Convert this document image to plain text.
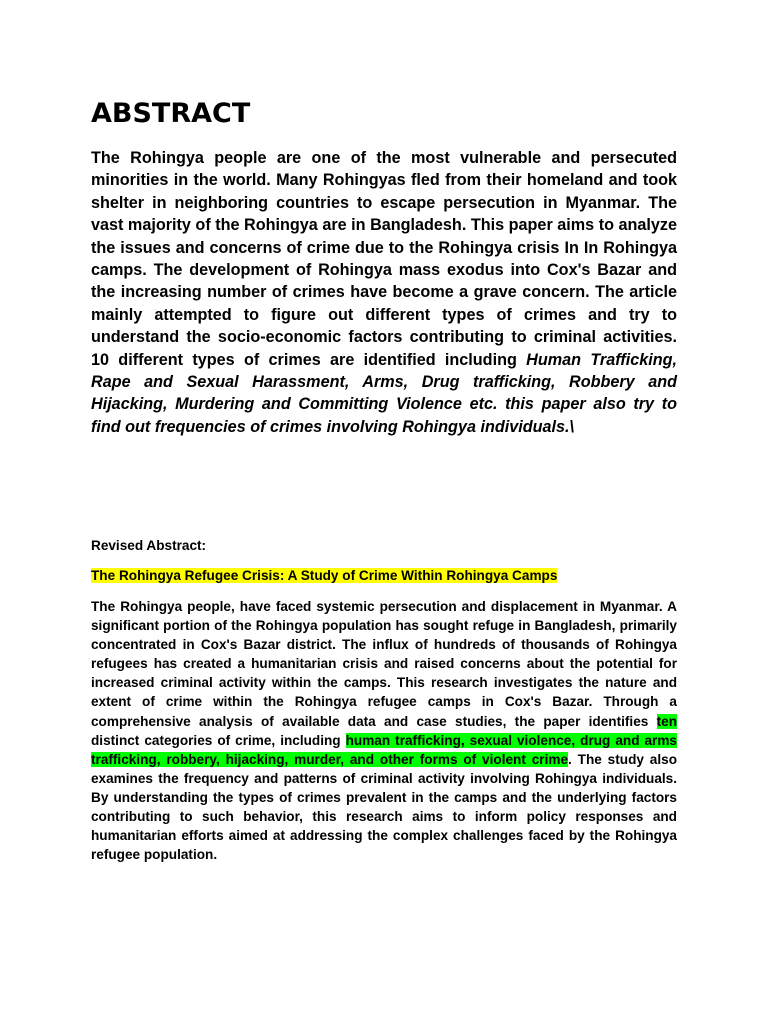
ABSTRACT

The Rohingya people are one of the most vulnerable and persecuted minorities in the world. Many Rohingyas fled from their homeland and took shelter in neighboring countries to escape persecution in Myanmar. The vast majority of the Rohingya are in Bangladesh. This paper aims to analyze the issues and concerns of crime due to the Rohingya crisis In In Rohingya camps. The development of Rohingya mass exodus into Cox's Bazar and the increasing number of crimes have become a grave concern. The article mainly attempted to figure out different types of crimes and try to understand the socio-economic factors contributing to criminal activities. 10 different types of crimes are identified including Human Trafficking, Rape and Sexual Harassment, Arms, Drug trafficking, Robbery and Hijacking, Murdering and Committing Violence etc. this paper also try to find out frequencies of crimes involving Rohingya individuals.\

Revised Abstract:

The Rohingya Refugee Crisis: A Study of Crime Within Rohingya Camps

The Rohingya people, have faced systemic persecution and displacement in Myanmar. A significant portion of the Rohingya population has sought refuge in Bangladesh, primarily concentrated in Cox's Bazar district. The influx of hundreds of thousands of Rohingya refugees has created a humanitarian crisis and raised concerns about the potential for increased criminal activity within the camps. This research investigates the nature and extent of crime within the Rohingya refugee camps in Cox's Bazar. Through a comprehensive analysis of available data and case studies, the paper identifies ten distinct categories of crime, including human trafficking, sexual violence, drug and arms trafficking, robbery, hijacking, murder, and other forms of violent crime. The study also examines the frequency and patterns of criminal activity involving Rohingya individuals. By understanding the types of crimes prevalent in the camps and the underlying factors contributing to such behavior, this research aims to inform policy responses and humanitarian efforts aimed at addressing the complex challenges faced by the Rohingya refugee population.
